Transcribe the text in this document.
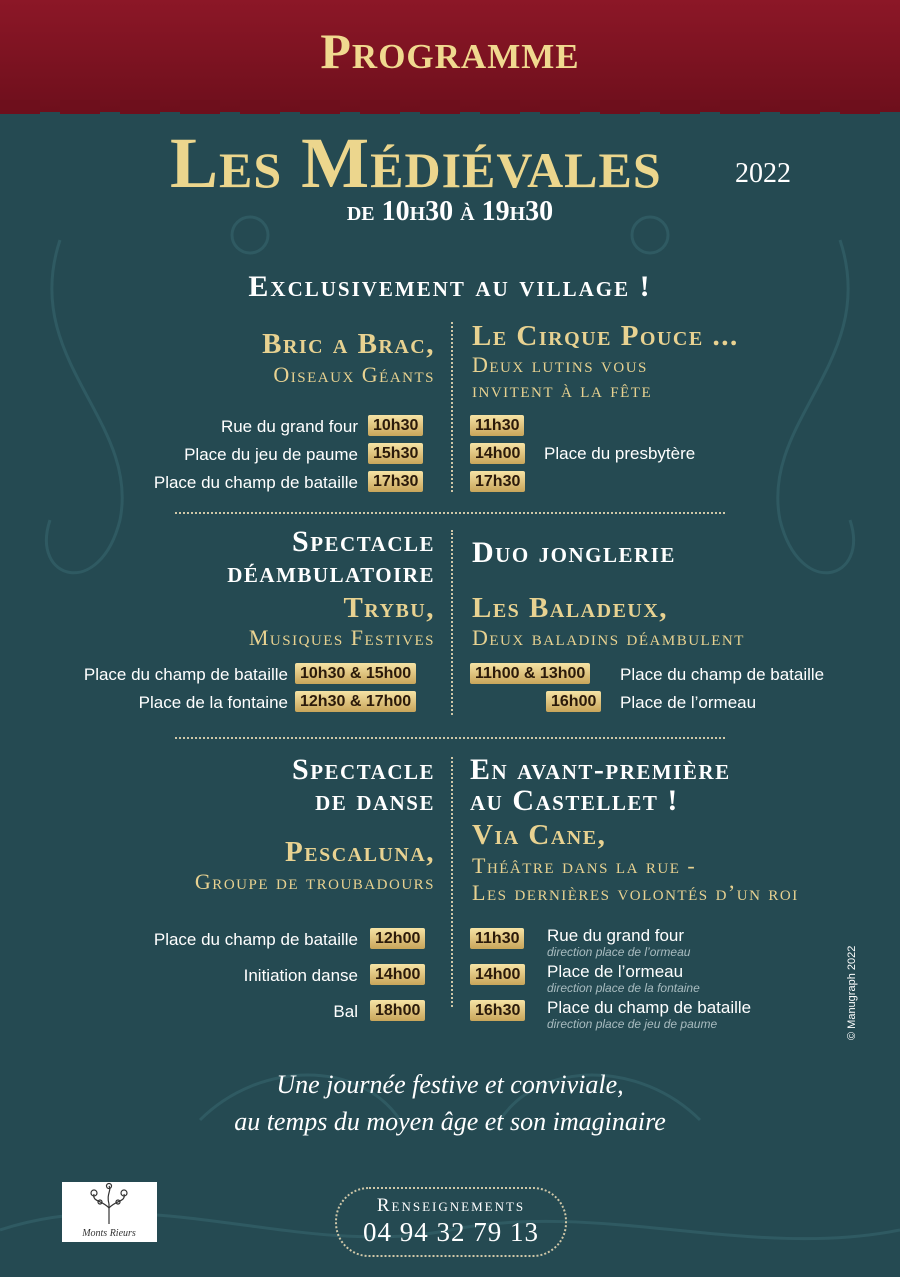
Programme
Les Médiévales	2022
de 10h30 à 19h30
Exclusivement au village !
Bric a Brac,
Oiseaux Géants
Rue du grand four 10h30
Place du jeu de paume 15h30
Place du champ de bataille 17h30
Le Cirque Pouce ...
Deux lutins vous
invitent à la fête
11h30
14h00 Place du presbytère
17h30
Spectacle
déambulatoire
Trybu,
Musiques Festives
Place du champ de bataille 10h30 & 15h00
Place de la fontaine 12h30 & 17h00
Duo jonglerie
Les Baladeux,
Deux baladins déambulent
11h00 & 13h00 Place du champ de bataille
16h00 Place de l’ormeau
Spectacle
de danse
Pescaluna,
Groupe de troubadours
Place du champ de bataille	12h00
Initiation danse	14h00
Bal	18h00
En avant-première
au Castellet !
Via Cane,
Théâtre dans la rue -
Les dernières volontés d’un roi
11h30 Rue du grand four
direction place de l’ormeau
14h00 Place de l’ormeau
direction place de la fontaine
16h30 Place du champ de bataille
direction place de jeu de paume
Une journée festive et conviviale,
au temps du moyen âge et son imaginaire
© Manugraph 2022
Monts Rieurs
Renseignements
04 94 32 79 13
